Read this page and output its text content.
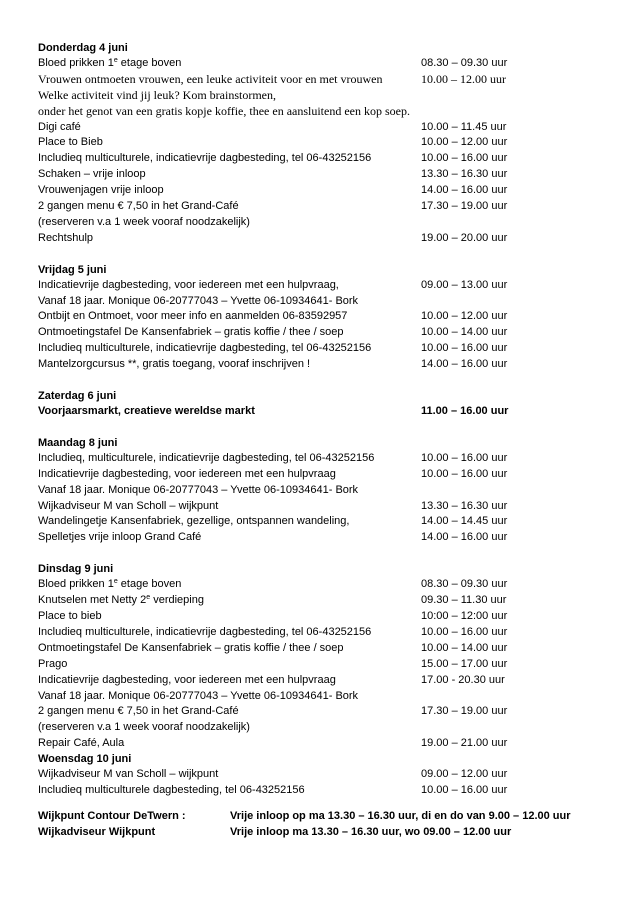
Donderdag 4 juni
Bloed prikken 1e etage boven	08.30 – 09.30 uur
Vrouwen ontmoeten vrouwen, een leuke activiteit voor en met vrouwen	10.00 – 12.00 uur
Welke activiteit vind jij leuk? Kom brainstormen,
onder het genot van een gratis kopje koffie, thee en aansluitend een kop soep.
Digi café	10.00 – 11.45 uur
Place to Bieb	10.00 – 12.00 uur
Includieq multiculturele, indicatievrije dagbesteding, tel 06-43252156	10.00 – 16.00 uur
Schaken – vrije inloop	13.30 – 16.30 uur
Vrouwenjagen vrije inloop	14.00 – 16.00 uur
2 gangen menu € 7,50 in het Grand-Café	17.30 – 19.00 uur
(reserveren v.a 1 week vooraf noodzakelijk)
Rechtshulp	19.00 – 20.00 uur
Vrijdag 5 juni
Indicatievrije dagbesteding, voor iedereen met een hulpvraag,	09.00 – 13.00 uur
Vanaf 18 jaar. Monique 06-20777043 – Yvette 06-10934641- Bork
Ontbijt en Ontmoet, voor meer info en aanmelden 06-83592957	10.00 – 12.00 uur
Ontmoetingstafel De Kansenfabriek – gratis koffie / thee / soep	10.00 – 14.00 uur
Includieq multiculturele, indicatievrije dagbesteding, tel 06-43252156	10.00 – 16.00 uur
Mantelzorgcursus **, gratis toegang, vooraf inschrijven !	14.00 – 16.00 uur
Zaterdag 6 juni
Voorjaarsmarkt, creatieve wereldse markt	11.00 – 16.00 uur
Maandag 8 juni
Includieq, multiculturele, indicatievrije dagbesteding, tel 06-43252156	10.00 – 16.00 uur
Indicatievrije dagbesteding, voor iedereen met een hulpvraag	10.00 – 16.00 uur
Vanaf 18 jaar. Monique 06-20777043 – Yvette 06-10934641- Bork
Wijkadviseur M van Scholl – wijkpunt	13.30 – 16.30 uur
Wandelingetje Kansenfabriek, gezellige, ontspannen wandeling,	14.00 – 14.45 uur
Spelletjes vrije inloop Grand Café	14.00 – 16.00 uur
Dinsdag 9 juni
Bloed prikken 1e etage boven	08.30 – 09.30 uur
Knutselen met Netty 2e verdieping	09.30 – 11.30 uur
Place to bieb	10:00 – 12:00 uur
Includieq multiculturele, indicatievrije dagbesteding, tel 06-43252156	10.00 – 16.00 uur
Ontmoetingstafel De Kansenfabriek – gratis koffie / thee / soep	10.00 – 14.00 uur
Prago	15.00 – 17.00 uur
Indicatievrije dagbesteding, voor iedereen met een hulpvraag	17.00 - 20.30 uur
Vanaf 18 jaar. Monique 06-20777043 – Yvette 06-10934641- Bork
2 gangen menu € 7,50 in het Grand-Café	17.30 – 19.00 uur
(reserveren v.a 1 week vooraf noodzakelijk)
Repair Café, Aula	19.00 – 21.00 uur
Woensdag 10 juni
Wijkadviseur M van Scholl – wijkpunt	09.00 – 12.00 uur
Includieq multiculturele dagbesteding, tel 06-43252156	10.00 – 16.00 uur
Wijkpunt Contour DeTwern :	Vrije inloop op ma 13.30 – 16.30 uur, di en do van 9.00 – 12.00 uur
Wijkadviseur Wijkpunt	Vrije inloop ma 13.30 – 16.30 uur, wo 09.00 – 12.00 uur
